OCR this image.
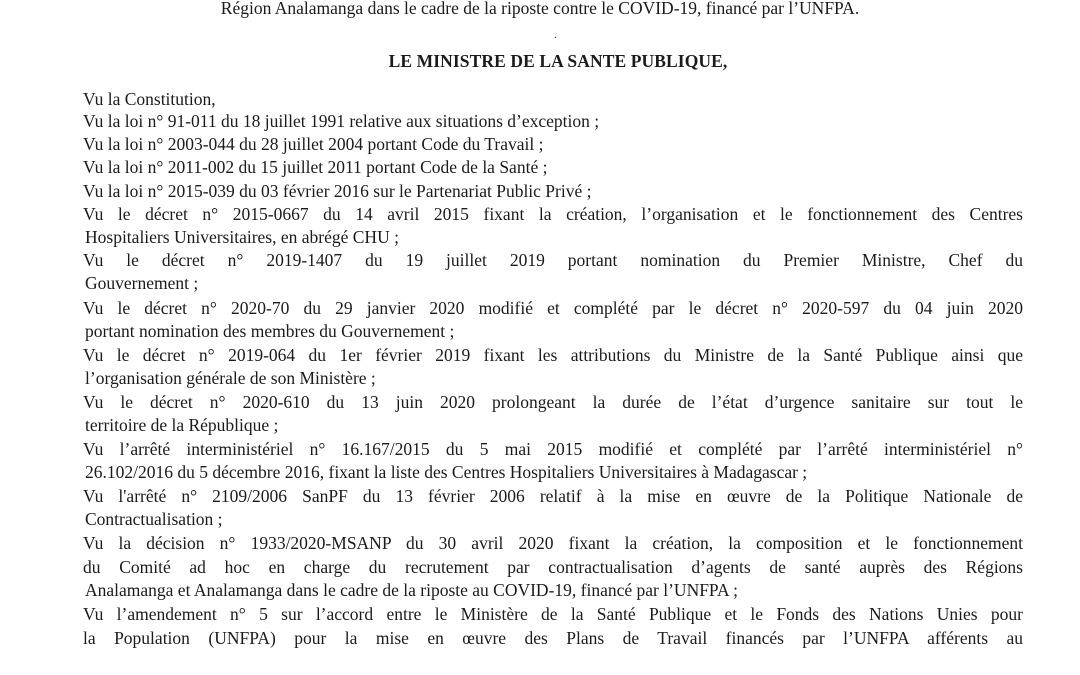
Région Analamanga dans le cadre de la riposte contre le COVID-19, financé par l’UNFPA.
.
LE MINISTRE DE LA SANTE PUBLIQUE,
Vu la Constitution,
Vu la loi n° 91-011 du 18 juillet 1991 relative aux situations d’exception ;
Vu la loi n° 2003-044 du 28 juillet 2004 portant Code du Travail ;
Vu la loi n° 2011-002 du 15 juillet 2011 portant Code de la Santé ;
Vu la loi n° 2015-039 du 03 février 2016 sur le Partenariat Public Privé ;
Vu le décret n° 2015-0667 du 14 avril 2015 fixant la création, l’organisation et le fonctionnement des Centres
Hospitaliers Universitaires, en abrégé CHU ;
Vu le décret n° 2019-1407 du 19 juillet 2019 portant nomination du Premier Ministre, Chef du
Gouvernement ;
Vu le décret n° 2020-70 du 29 janvier 2020 modifié et complété par le décret n° 2020-597 du 04 juin 2020
portant nomination des membres du Gouvernement ;
Vu le décret n° 2019-064 du 1er février 2019 fixant les attributions du Ministre de la Santé Publique ainsi que
l’organisation générale de son Ministère ;
Vu le décret n° 2020-610 du 13 juin 2020 prolongeant la durée de l’état d’urgence sanitaire sur tout le
territoire de la République ;
Vu l’arrêté interministériel n° 16.167/2015 du 5 mai 2015 modifié et complété par l’arrêté interministériel n°
26.102/2016 du 5 décembre 2016, fixant la liste des Centres Hospitaliers Universitaires à Madagascar ;
Vu l'arrêté n° 2109/2006 SanPF du 13 février 2006 relatif à la mise en œuvre de la Politique Nationale de
Contractualisation ;
Vu la décision n° 1933/2020-MSANP du 30 avril 2020 fixant la création, la composition et le fonctionnement
du Comité ad hoc en charge du recrutement par contractualisation d’agents de santé auprès des Régions
Analamanga et Analamanga dans le cadre de la riposte au COVID-19, financé par l’UNFPA ;
Vu l’amendement n° 5 sur l’accord entre le Ministère de la Santé Publique et le Fonds des Nations Unies pour
la Population (UNFPA) pour la mise en œuvre des Plans de Travail financés par l’UNFPA afférents au
